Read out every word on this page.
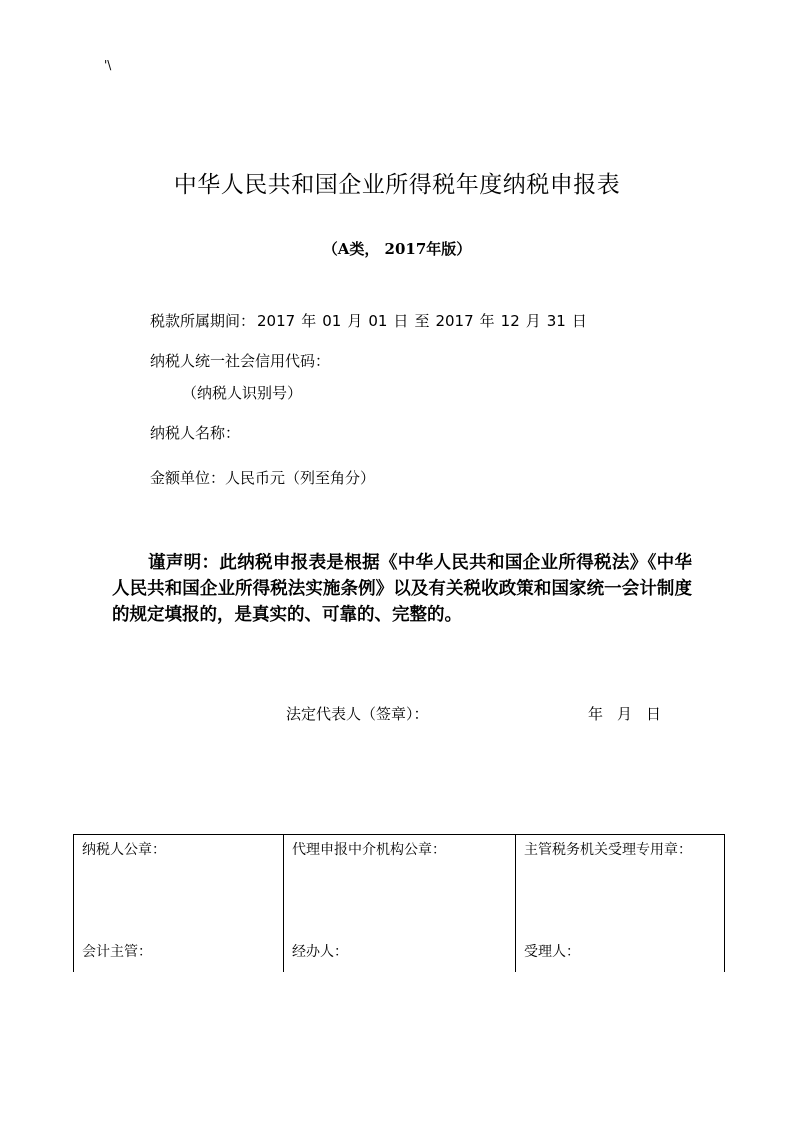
'\
中华人民共和国企业所得税年度纳税申报表
（A类， 2017年版）
税款所属期间： 2017 年 01 月 01 日 至 2017 年 12 月 31 日
纳税人统一社会信用代码：
（纳税人识别号）
纳税人名称：
金额单位：人民币元（列至角分）
谨声明：此纳税申报表是根据《中华人民共和国企业所得税法》《中华人民共和国企业所得税法实施条例》以及有关税收政策和国家统一会计制度的规定填报的，是真实的、可靠的、完整的。
法定代表人（签章）：	年 月 日
纳税人公章：
会计主管：

代理申报中介机构公章：
经办人：

主管税务机关受理专用章：
受理人：
